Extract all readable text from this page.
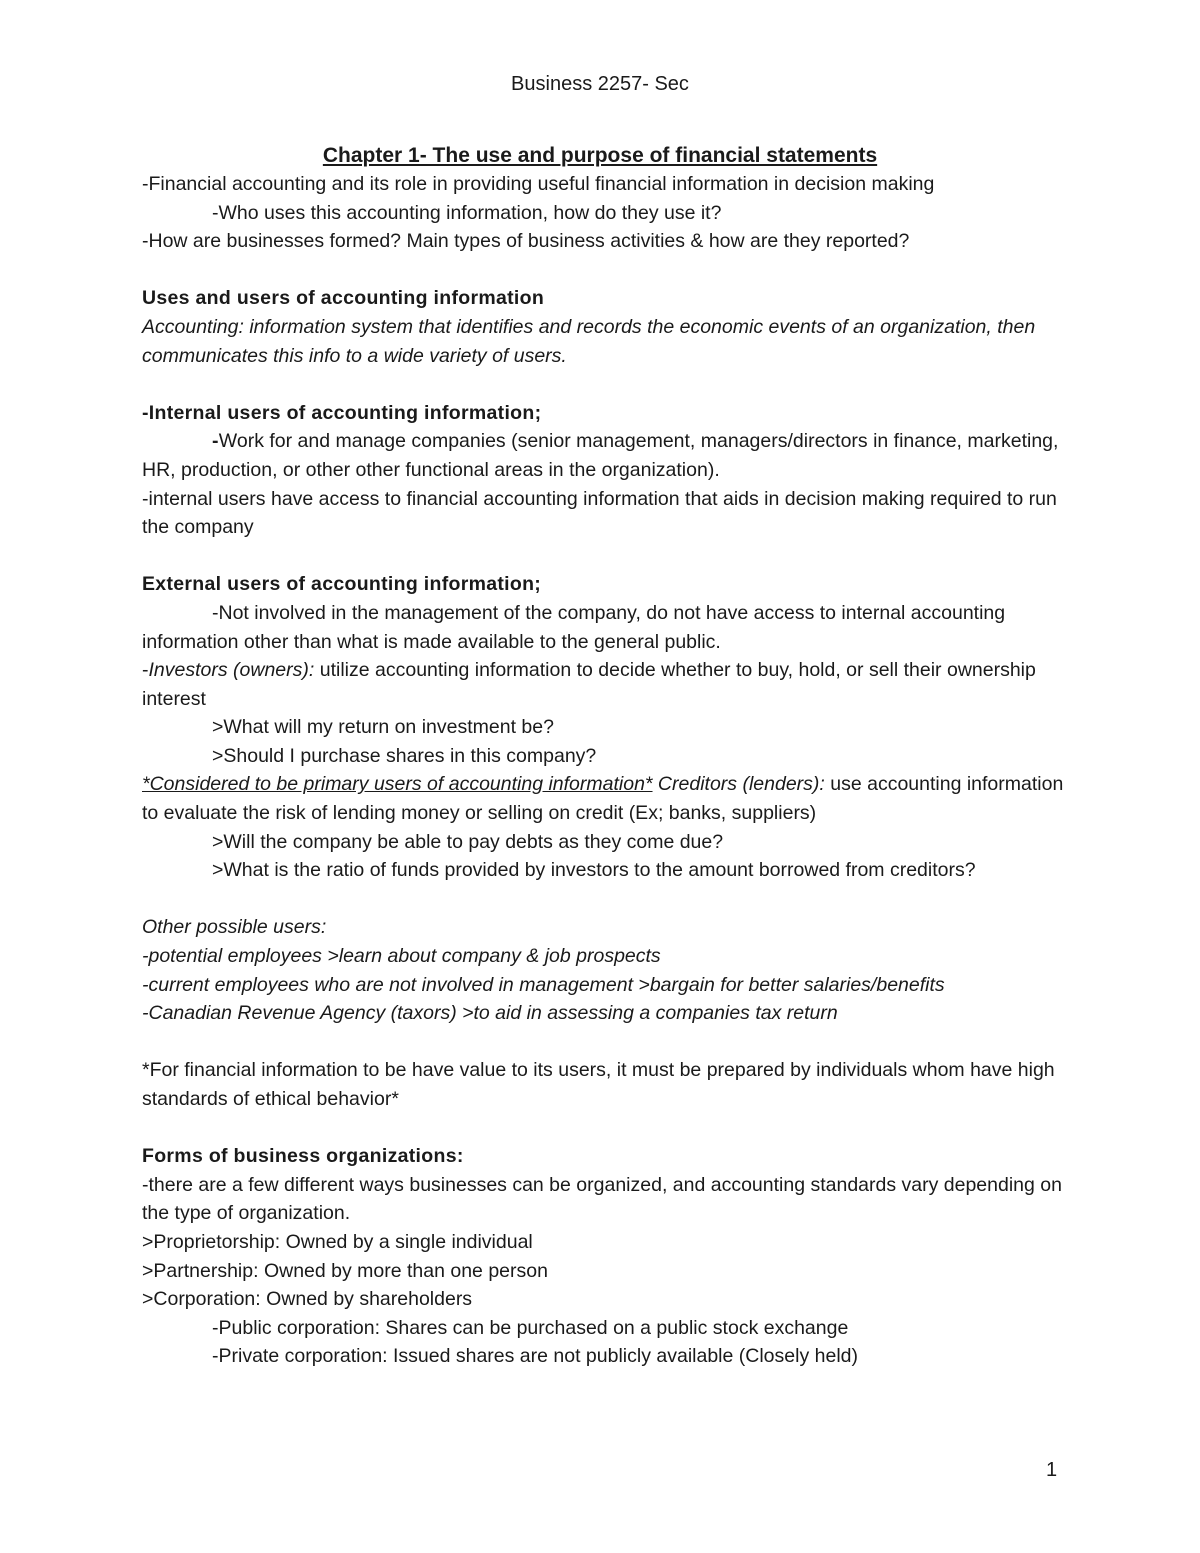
Business 2257- Sec
Chapter 1- The use and purpose of financial statements

-Financial accounting and its role in providing useful financial information in decision making

-Who uses this accounting information, how do they use it?

-How are businesses formed? Main types of business activities & how are they reported?

Uses and users of accounting information

Accounting: information system that identifies and records the economic events of an organization, then communicates this info to a wide variety of users.

-Internal users of accounting information;

-Work for and manage companies (senior management, managers/directors in finance, marketing, HR, production, or other other functional areas in the organization).

-internal users have access to financial accounting information that aids in decision making required to run the company

External users of accounting information;

-Not involved in the management of the company, do not have access to internal accounting information other than what is made available to the general public.

-Investors (owners): utilize accounting information to decide whether to buy, hold, or sell their ownership interest

>What will my return on investment be?

>Should I purchase shares in this company?

*Considered to be primary users of accounting information* Creditors (lenders): use accounting information to evaluate the risk of lending money or selling on credit (Ex; banks, suppliers)

>Will the company be able to pay debts as they come due?

>What is the ratio of funds provided by investors to the amount borrowed from creditors?

Other possible users:

-potential employees >learn about company & job prospects

-current employees who are not involved in management >bargain for better salaries/benefits

-Canadian Revenue Agency (taxors) >to aid in assessing a companies tax return

*For financial information to be have value to its users, it must be prepared by individuals whom have high standards of ethical behavior*

Forms of business organizations:

-there are a few different ways businesses can be organized, and accounting standards vary depending on the type of organization.

>Proprietorship: Owned by a single individual

>Partnership: Owned by more than one person

>Corporation: Owned by shareholders

-Public corporation: Shares can be purchased on a public stock exchange

-Private corporation: Issued shares are not publicly available (Closely held)

1
